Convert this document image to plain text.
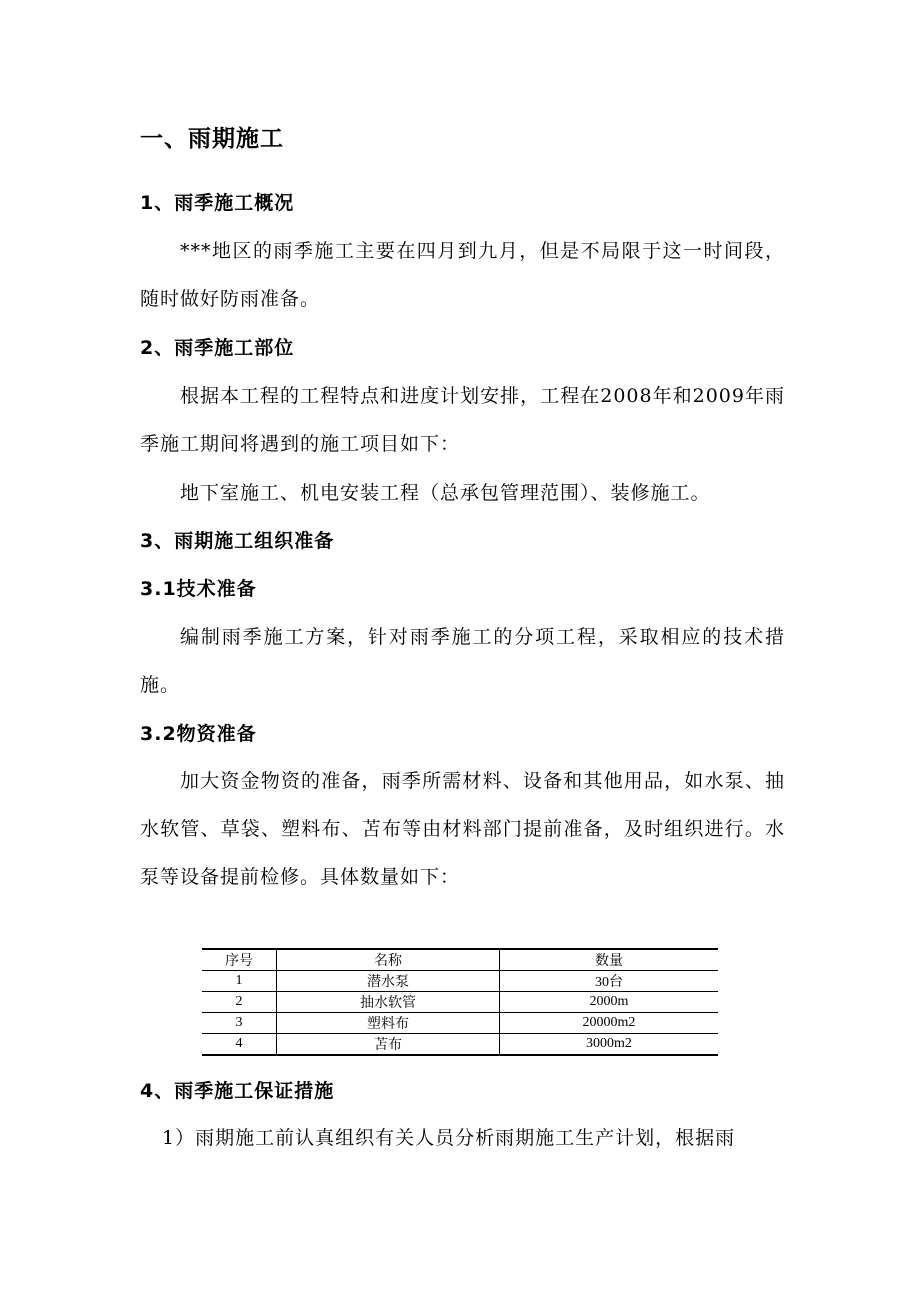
一、雨期施工
1、雨季施工概况
***地区的雨季施工主要在四月到九月，但是不局限于这一时间段，随时做好防雨准备。
2、雨季施工部位
根据本工程的工程特点和进度计划安排，工程在2008年和2009年雨季施工期间将遇到的施工项目如下：
地下室施工、机电安装工程（总承包管理范围）、装修施工。
3、雨期施工组织准备
3.1技术准备
编制雨季施工方案，针对雨季施工的分项工程，采取相应的技术措施。
3.2物资准备
加大资金物资的准备，雨季所需材料、设备和其他用品，如水泵、抽水软管、草袋、塑料布、苫布等由材料部门提前准备，及时组织进行。水泵等设备提前检修。具体数量如下：
序号	名称	数量
1	潜水泵	30台
2	抽水软管	2000m
3	塑料布	20000m2
4	苫布	3000m2
4、雨季施工保证措施
1）雨期施工前认真组织有关人员分析雨期施工生产计划，根据雨
